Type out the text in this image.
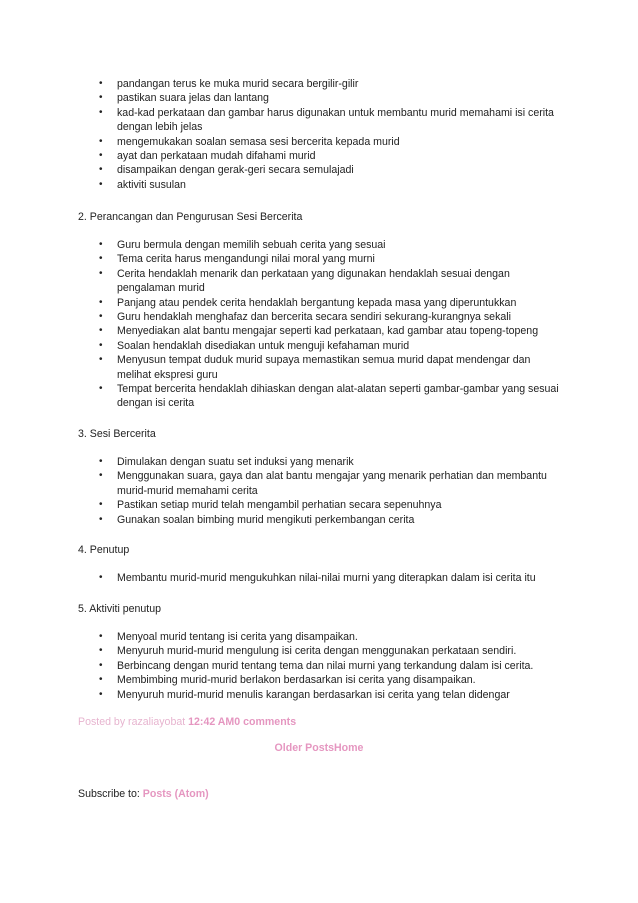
• pandangan terus ke muka murid secara bergilir-gilir
• pastikan suara jelas dan lantang
• kad-kad perkataan dan gambar harus digunakan untuk membantu murid memahami isi cerita dengan lebih jelas
• mengemukakan soalan semasa sesi bercerita kepada murid
• ayat dan perkataan mudah difahami murid
• disampaikan dengan gerak-geri secara semulajadi
• aktiviti susulan
2. Perancangan dan Pengurusan Sesi Bercerita
• Guru bermula dengan memilih sebuah cerita yang sesuai
• Tema cerita harus mengandungi nilai moral yang murni
• Cerita hendaklah menarik dan perkataan yang digunakan hendaklah sesuai dengan pengalaman murid
• Panjang atau pendek cerita hendaklah bergantung kepada masa yang diperuntukkan
• Guru hendaklah menghafaz dan bercerita secara sendiri sekurang-kurangnya sekali
• Menyediakan alat bantu mengajar seperti kad perkataan, kad gambar atau topeng-topeng
• Soalan hendaklah disediakan untuk menguji kefahaman murid
• Menyusun tempat duduk murid supaya memastikan semua murid dapat mendengar dan melihat ekspresi guru
• Tempat bercerita hendaklah dihiaskan dengan alat-alatan seperti gambar-gambar yang sesuai dengan isi cerita
3. Sesi Bercerita
• Dimulakan dengan suatu set induksi yang menarik
• Menggunakan suara, gaya dan alat bantu mengajar yang menarik perhatian dan membantu murid-murid memahami cerita
• Pastikan setiap murid telah mengambil perhatian secara sepenuhnya
• Gunakan soalan bimbing murid mengikuti perkembangan cerita
4. Penutup
• Membantu murid-murid mengukuhkan nilai-nilai murni yang diterapkan dalam isi cerita itu
5. Aktiviti penutup
• Menyoal murid tentang isi cerita yang disampaikan.
• Menyuruh murid-murid mengulung isi cerita dengan menggunakan perkataan sendiri.
• Berbincang dengan murid tentang tema dan nilai murni yang terkandung dalam isi cerita.
• Membimbing murid-murid berlakon berdasarkan isi cerita yang disampaikan.
• Menyuruh murid-murid menulis karangan berdasarkan isi cerita yang telan didengar
Posted by razaliayobat 12:42 AM0 comments
Older PostsHome
Subscribe to: Posts (Atom)
